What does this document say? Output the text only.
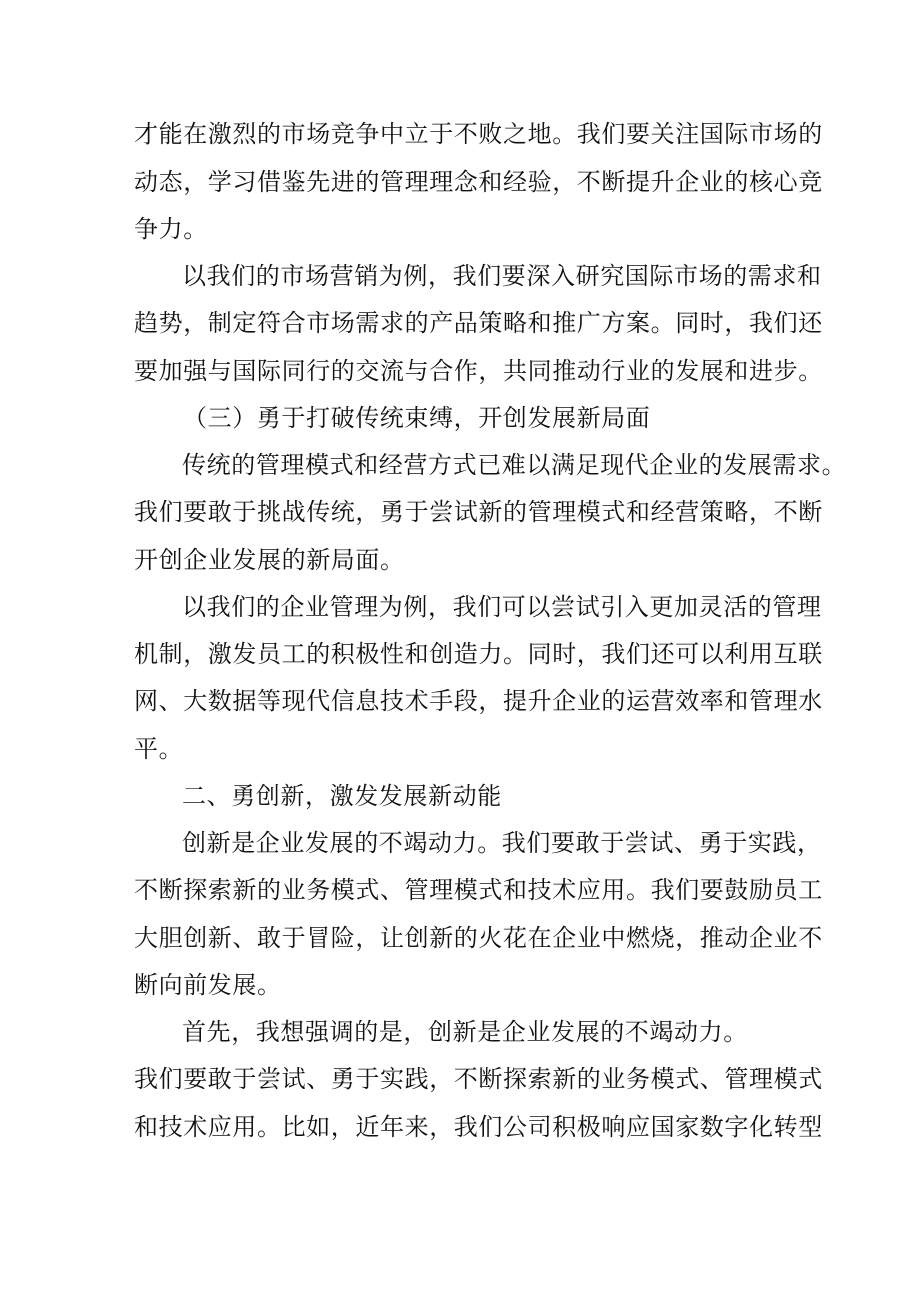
才能在激烈的市场竞争中立于不败之地。我们要关注国际市场的

动态，学习借鉴先进的管理理念和经验，不断提升企业的核心竞

争力。

以我们的市场营销为例，我们要深入研究国际市场的需求和

趋势，制定符合市场需求的产品策略和推广方案。同时，我们还

要加强与国际同行的交流与合作，共同推动行业的发展和进步。

（三）勇于打破传统束缚，开创发展新局面

传统的管理模式和经营方式已难以满足现代企业的发展需求。

我们要敢于挑战传统，勇于尝试新的管理模式和经营策略，不断

开创企业发展的新局面。

以我们的企业管理为例，我们可以尝试引入更加灵活的管理

机制，激发员工的积极性和创造力。同时，我们还可以利用互联

网、大数据等现代信息技术手段，提升企业的运营效率和管理水

平。

二、勇创新，激发发展新动能

创新是企业发展的不竭动力。我们要敢于尝试、勇于实践，

不断探索新的业务模式、管理模式和技术应用。我们要鼓励员工

大胆创新、敢于冒险，让创新的火花在企业中燃烧，推动企业不

断向前发展。

首先，我想强调的是，创新是企业发展的不竭动力。

我们要敢于尝试、勇于实践，不断探索新的业务模式、管理模式

和技术应用。比如，近年来，我们公司积极响应国家数字化转型
